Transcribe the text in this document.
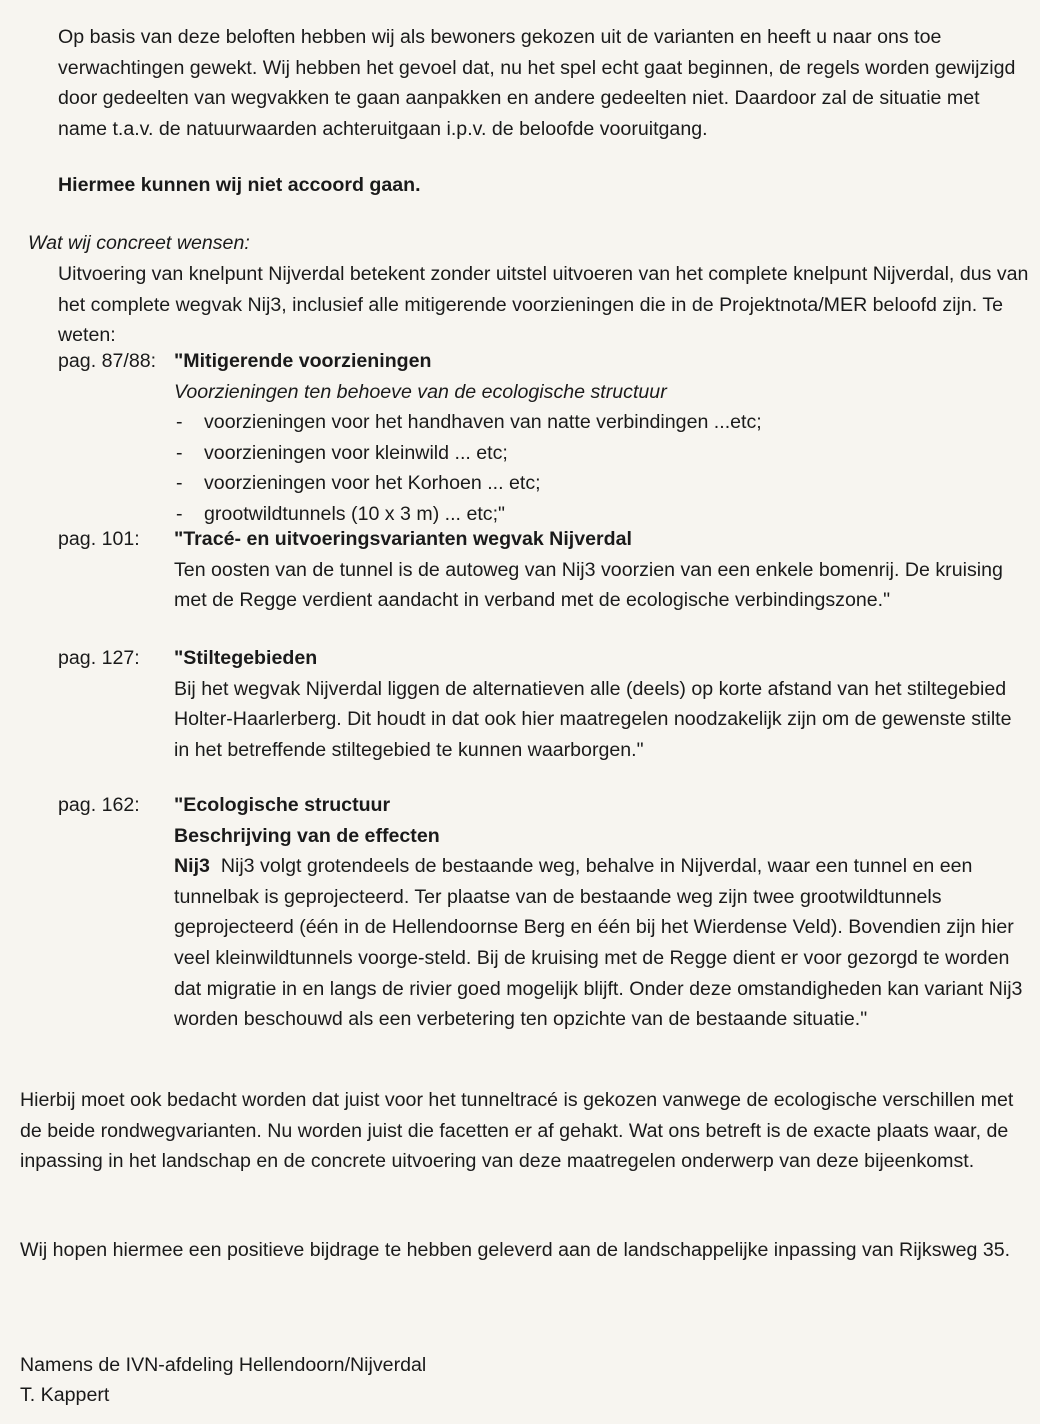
Op basis van deze beloften hebben wij als bewoners gekozen uit de varianten en heeft u naar ons toe verwachtingen gewekt. Wij hebben het gevoel dat, nu het spel echt gaat beginnen, de regels worden gewijzigd door gedeelten van wegvakken te gaan aanpakken en andere gedeelten niet. Daardoor zal de situatie met name t.a.v. de natuurwaarden achteruitgaan i.p.v. de beloofde vooruitgang.

Hiermee kunnen wij niet accoord gaan.

Wat wij concreet wensen:

Uitvoering van knelpunt Nijverdal betekent zonder uitstel uitvoeren van het complete knelpunt Nijverdal, dus van het complete wegvak Nij3, inclusief alle mitigerende voorzieningen die in de Projektnota/MER beloofd zijn. Te weten:

pag. 87/88: "Mitigerende voorzieningen

Voorzieningen ten behoeve van de ecologische structuur

- voorzieningen voor het handhaven van natte verbindingen ...etc;
- voorzieningen voor kleinwild ... etc;
- voorzieningen voor het Korhoen ... etc;
- grootwildtunnels (10 x 3 m) ... etc;"
pag. 101:	"Tracé- en uitvoeringsvarianten wegvak Nijverdal

Ten oosten van de tunnel is de autoweg van Nij3 voorzien van een enkele bomenrij. De kruising met de Regge verdient aandacht in verband met de ecologische verbindingszone."

pag. 127:	"Stiltegebieden

Bij het wegvak Nijverdal liggen de alternatieven alle (deels) op korte afstand van het stiltegebied Holter-Haarlerberg. Dit houdt in dat ook hier maatregelen noodzakelijk zijn om de gewenste stilte in het betreffende stiltegebied te kunnen waarborgen."

pag. 162:	"Ecologische structuur

Beschrijving van de effecten

Nij3 Nij3 volgt grotendeels de bestaande weg, behalve in Nijverdal, waar een tunnel en een tunnelbak is geprojecteerd. Ter plaatse van de bestaande weg zijn twee grootwildtunnels geprojecteerd (één in de Hellendoornse Berg en één bij het Wierdense Veld). Bovendien zijn hier veel kleinwildtunnels voorge-steld. Bij de kruising met de Regge dient er voor gezorgd te worden dat migratie in en langs de rivier goed mogelijk blijft. Onder deze omstandigheden kan variant Nij3 worden beschouwd als een verbetering ten opzichte van de bestaande situatie."

Hierbij moet ook bedacht worden dat juist voor het tunneltracé is gekozen vanwege de ecologische verschillen met de beide rondwegvarianten. Nu worden juist die facetten er af gehakt. Wat ons betreft is de exacte plaats waar, de inpassing in het landschap en de concrete uitvoering van deze maatregelen onderwerp van deze bijeenkomst.

Wij hopen hiermee een positieve bijdrage te hebben geleverd aan de landschappelijke inpassing van Rijksweg 35.

Namens de IVN-afdeling Hellendoorn/Nijverdal

T. Kappert
